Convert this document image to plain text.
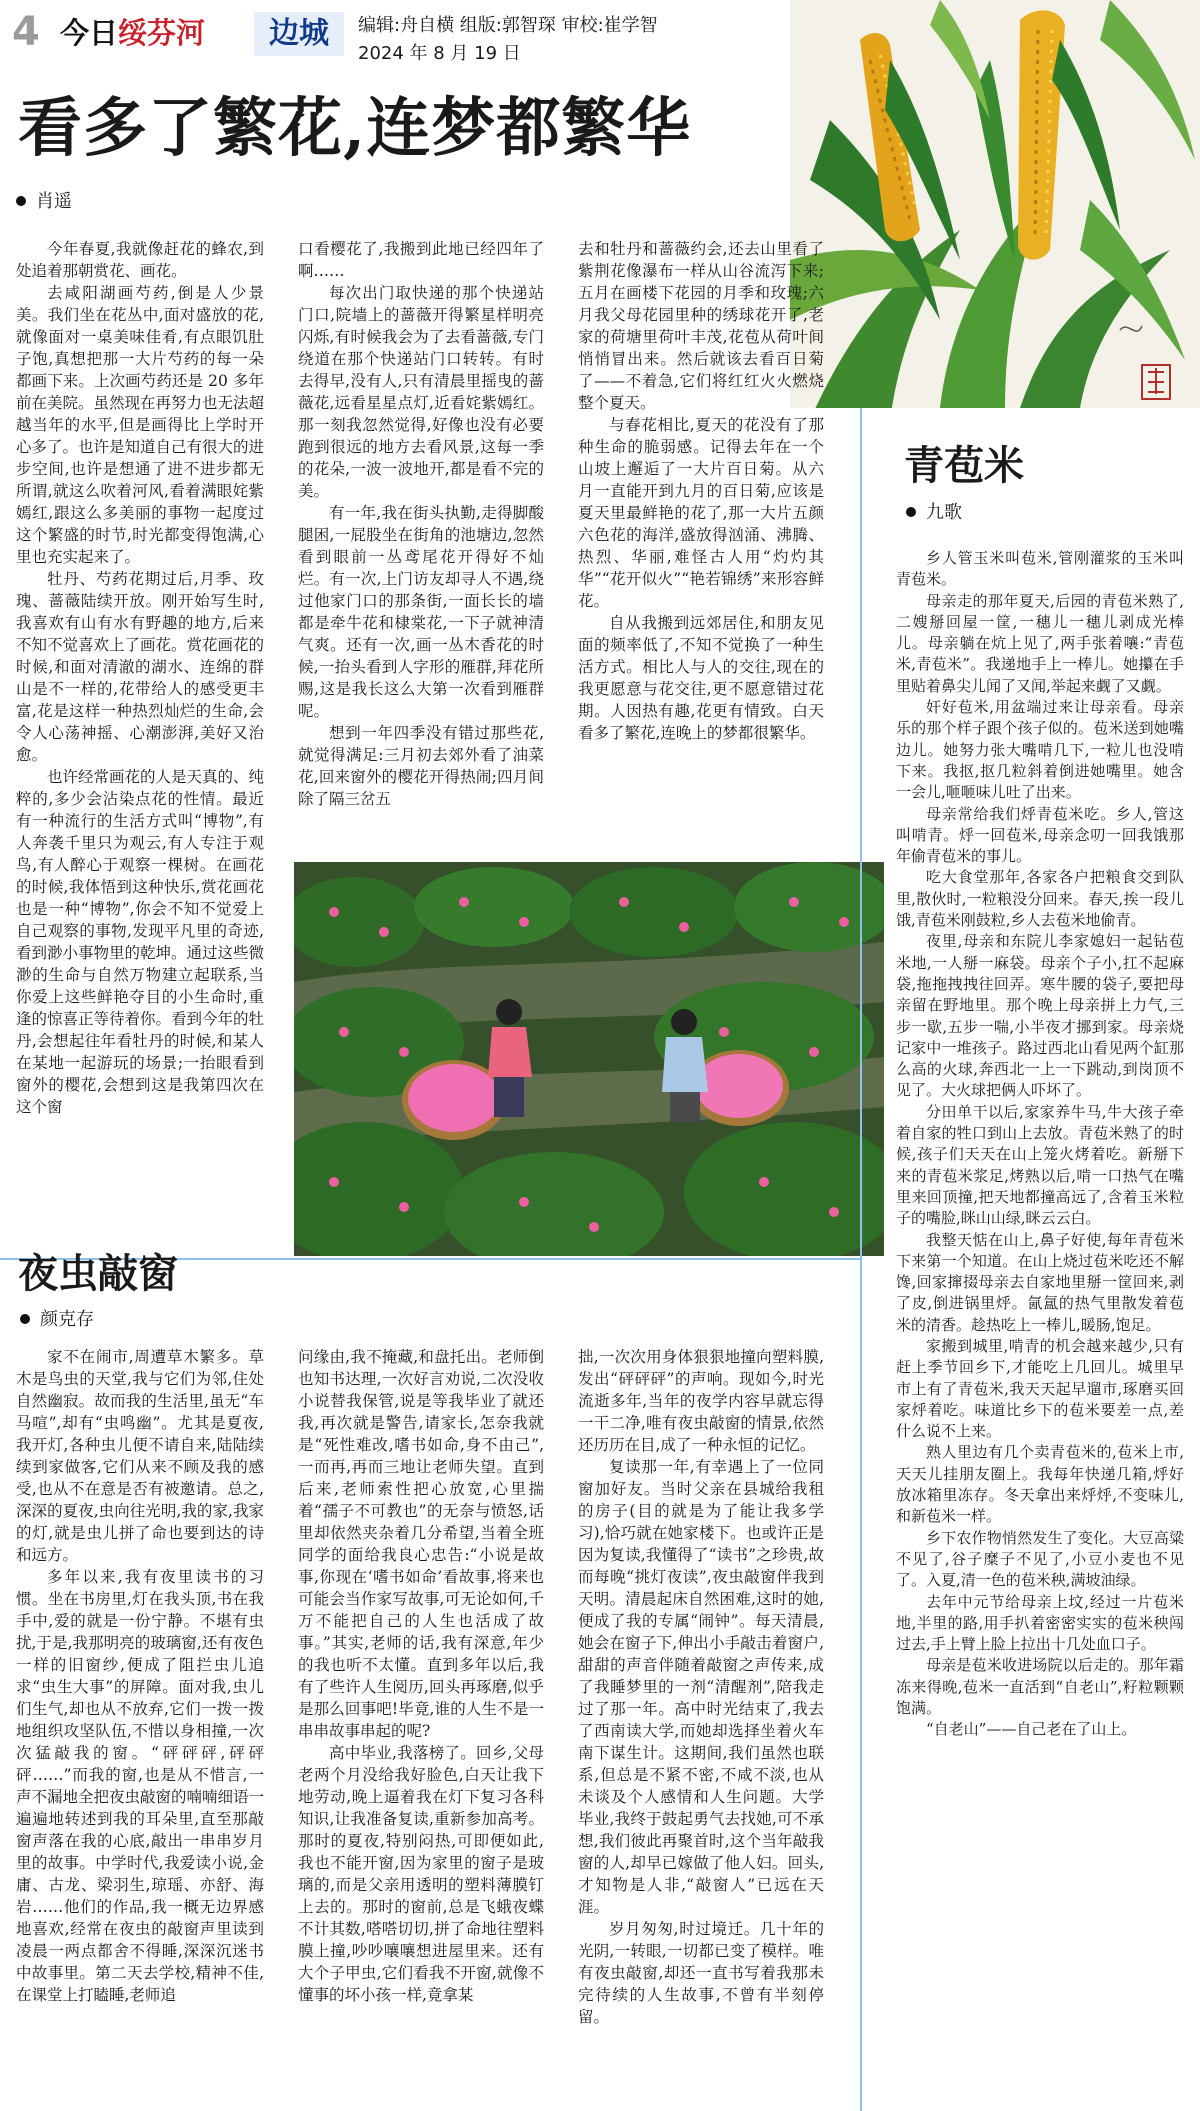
4 今日绥芬河	边城	编辑:舟自横 组版:郭智琛 审校:崔学智
2024 年 8 月 19 日
看多了繁花,连梦都繁华
肖遥

今年春夏,我就像赶花的蜂农,到处追着那朝赏花、画花。

去咸阳湖画芍药,倒是人少景美。我们坐在花丛中,面对盛放的花,就像面对一桌美味佳肴,有点眼饥肚子饱,真想把那一大片芍药的每一朵都画下来。上次画芍药还是 20 多年前在美院。虽然现在再努力也无法超越当年的水平,但是画得比上学时开心多了。也许是知道自己有很大的进步空间,也许是想通了进不进步都无所谓,就这么吹着河风,看着满眼姹紫嫣红,跟这么多美丽的事物一起度过这个繁盛的时节,时光都变得饱满,心里也充实起来了。

牡丹、芍药花期过后,月季、玫瑰、蔷薇陆续开放。刚开始写生时,我喜欢有山有水有野趣的地方,后来不知不觉喜欢上了画花。赏花画花的时候,和面对清澈的湖水、连绵的群山是不一样的,花带给人的感受更丰富,花是这样一种热烈灿烂的生命,会令人心荡神摇、心潮澎湃,美好又治愈。

也许经常画花的人是天真的、纯粹的,多少会沾染点花的性情。最近有一种流行的生活方式叫“博物”,有人奔袭千里只为观云,有人专注于观鸟,有人醉心于观察一棵树。在画花的时候,我体悟到这种快乐,赏花画花也是一种“博物”,你会不知不觉爱上自己观察的事物,发现平凡里的奇迹,看到渺小事物里的乾坤。通过这些微渺的生命与自然万物建立起联系,当你爱上这些鲜艳夺目的小生命时,重逢的惊喜正等待着你。看到今年的牡丹,会想起往年看牡丹的时候,和某人在某地一起游玩的场景;一抬眼看到窗外的樱花,会想到这是我第四次在这个窗

口看樱花了,我搬到此地已经四年了啊……

每次出门取快递的那个快递站门口,院墙上的蔷薇开得繁星样明亮闪烁,有时候我会为了去看蔷薇,专门绕道在那个快递站门口转转。有时去得早,没有人,只有清晨里摇曳的蔷薇花,远看星星点灯,近看姹紫嫣红。那一刻我忽然觉得,好像也没有必要跑到很远的地方去看风景,这每一季的花朵,一波一波地开,都是看不完的美。

有一年,我在街头执勤,走得脚酸腿困,一屁股坐在街角的池塘边,忽然看到眼前一丛鸢尾花开得好不灿烂。有一次,上门访友却寻人不遇,绕过他家门口的那条街,一面长长的墙都是牵牛花和棣棠花,一下子就神清气爽。还有一次,画一丛木香花的时候,一抬头看到人字形的雁群,拜花所赐,这是我长这么大第一次看到雁群呢。

想到一年四季没有错过那些花,就觉得满足:三月初去郊外看了油菜花,回来窗外的樱花开得热闹;四月间除了隔三岔五

去和牡丹和蔷薇约会,还去山里看了紫荆花像瀑布一样从山谷流泻下来;五月在画楼下花园的月季和玫瑰;六月我父母花园里种的绣球花开了,老家的荷塘里荷叶丰茂,花苞从荷叶间悄悄冒出来。然后就该去看百日菊了——不着急,它们将红红火火燃烧整个夏天。

与春花相比,夏天的花没有了那种生命的脆弱感。记得去年在一个山坡上邂逅了一大片百日菊。从六月一直能开到九月的百日菊,应该是夏天里最鲜艳的花了,那一大片五颜六色花的海洋,盛放得汹涌、沸腾、热烈、华丽,难怪古人用“灼灼其华”“花开似火”“艳若锦绣”来形容鲜花。

自从我搬到远郊居住,和朋友见面的频率低了,不知不觉换了一种生活方式。相比人与人的交往,现在的我更愿意与花交往,更不愿意错过花期。人因热有趣,花更有情致。白天看多了繁花,连晚上的梦都很繁华。

青苞米
九歌

乡人管玉米叫苞米,管刚灌浆的玉米叫青苞米。

母亲走的那年夏天,后园的青苞米熟了,二嫂掰回屋一筐,一穗儿一穗儿剥成光棒儿。母亲躺在炕上见了,两手张着嚷:“青苞米,青苞米”。我递地手上一棒儿。她攥在手里贴着鼻尖儿闻了又闻,举起来觑了又觑。

奸好苞米,用盆端过来让母亲看。母亲乐的那个样子跟个孩子似的。苞米送到她嘴边儿。她努力张大嘴啃几下,一粒儿也没啃下来。我抠,抠几粒斜着倒进她嘴里。她含一会儿,咂咂味儿吐了出来。

母亲常给我们烀青苞米吃。乡人,管这叫啃青。烀一回苞米,母亲念叨一回我饿那年偷青苞米的事儿。

吃大食堂那年,各家各户把粮食交到队里,散伙时,一粒粮没分回来。春天,挨一段儿饿,青苞米刚鼓粒,乡人去苞米地偷青。

夜里,母亲和东院儿李家媳妇一起钻苞米地,一人掰一麻袋。母亲个子小,扛不起麻袋,拖拖拽拽往回弄。寒牛腰的袋子,要把母亲留在野地里。那个晚上母亲拼上力气,三步一歇,五步一喘,小半夜才挪到家。母亲烧记家中一堆孩子。路过西北山看见两个缸那么高的火球,奔西北一上一下跳动,到岗顶不见了。大火球把俩人吓坏了。

分田单干以后,家家养牛马,牛大孩子牵着自家的牲口到山上去放。青苞米熟了的时候,孩子们天天在山上笼火烤着吃。新掰下来的青苞米浆足,烤熟以后,啃一口热气在嘴里来回顶撞,把天地都撞高远了,含着玉米粒子的嘴脸,眯山山绿,眯云云白。

我整天惦在山上,鼻子好使,每年青苞米下来第一个知道。在山上烧过苞米吃还不解馋,回家撺掇母亲去自家地里掰一筐回来,剥了皮,倒进锅里烀。氤氲的热气里散发着苞米的清香。趁热吃上一棒儿,暖肠,饱足。

家搬到城里,啃青的机会越来越少,只有赶上季节回乡下,才能吃上几回儿。城里早市上有了青苞米,我天天起早遛市,琢磨买回家烀着吃。味道比乡下的苞米要差一点,差什么说不上来。

熟人里边有几个卖青苞米的,苞米上市,天天儿挂朋友圈上。我每年快递几箱,烀好放冰箱里冻存。冬天拿出来烀烀,不变味儿,和新苞米一样。

乡下农作物悄然发生了变化。大豆高粱不见了,谷子糜子不见了,小豆小麦也不见了。入夏,清一色的苞米秧,满坡油绿。

去年中元节给母亲上坟,经过一片苞米地,半里的路,用手扒着密密实实的苞米秧闯过去,手上臂上脸上拉出十几处血口子。

母亲是苞米收进场院以后走的。那年霜冻来得晚,苞米一直活到“自老山”,籽粒颗颗饱满。

“自老山”——自己老在了山上。

夜虫敲窗
颜克存

家不在闹市,周遭草木繁多。草木是鸟虫的天堂,我与它们为邻,住处自然幽寂。故而我的生活里,虽无“车马喧”,却有“虫鸣幽”。尤其是夏夜,我开灯,各种虫儿便不请自来,陆陆续续到家做客,它们从来不顾及我的感受,也从不在意是否有被邀请。总之,深深的夏夜,虫向往光明,我的家,我家的灯,就是虫儿拼了命也要到达的诗和远方。

多年以来,我有夜里读书的习惯。坐在书房里,灯在我头顶,书在我手中,爱的就是一份宁静。不堪有虫扰,于是,我那明亮的玻璃窗,还有夜色一样的旧窗纱,便成了阻拦虫儿追求“虫生大事”的屏障。面对我,虫儿们生气,却也从不放弃,它们一拨一拨地组织攻坚队伍,不惜以身相撞,一次次猛敲我的窗。“砰砰砰,砰砰砰……”而我的窗,也是从不惜言,一声不漏地全把夜虫敲窗的喃喃细语一遍遍地转述到我的耳朵里,直至那敲窗声落在我的心底,敲出一串串岁月里的故事。中学时代,我爱读小说,金庸、古龙、梁羽生,琼瑶、亦舒、海岩……他们的作品,我一概无边界感地喜欢,经常在夜虫的敲窗声里读到凌晨一两点都舍不得睡,深深沉迷书中故事里。第二天去学校,精神不佳,在课堂上打瞌睡,老师追

问缘由,我不掩藏,和盘托出。老师倒也知书达理,一次好言劝说,二次没收小说替我保管,说是等我毕业了就还我,再次就是警告,请家长,怎奈我就是“死性难改,嗜书如命,身不由己”,一而再,再而三地让老师失望。直到后来,老师索性把心放宽,心里揣着“孺子不可教也”的无奈与愤怒,话里却依然夹杂着几分希望,当着全班同学的面给我良心忠告:“小说是故事,你现在‘嗜书如命’看故事,将来也可能会当作家写故事,可无论如何,千万不能把自己的人生也活成了故事。”其实,老师的话,我有深意,年少的我也听不太懂。直到多年以后,我有了些许人生阅历,回头再琢磨,似乎是那么回事吧!毕竟,谁的人生不是一串串故事串起的呢?

高中毕业,我落榜了。回乡,父母老两个月没给我好脸色,白天让我下地劳动,晚上逼着我在灯下复习各科知识,让我准备复读,重新参加高考。那时的夏夜,特别闷热,可即便如此,我也不能开窗,因为家里的窗子是玻璃的,而是父亲用透明的塑料薄膜钉上去的。那时的窗前,总是飞蛾夜蝶不计其数,嗒嗒切切,拼了命地往塑料膜上撞,吵吵嚷嚷想进屋里来。还有大个子甲虫,它们看我不开窗,就像不懂事的坏小孩一样,竟拿某

拙,一次次用身体狠狠地撞向塑料膜,发出“砰砰砰”的声响。现如今,时光流逝多年,当年的夜学内容早就忘得一干二净,唯有夜虫敲窗的情景,依然还历历在目,成了一种永恒的记忆。

复读那一年,有幸遇上了一位同窗加好友。当时父亲在县城给我租的房子(目的就是为了能让我多学习),恰巧就在她家楼下。也或许正是因为复读,我懂得了“读书”之珍贵,故而每晚“挑灯夜读”,夜虫敲窗伴我到天明。清晨起床自然困难,这时的她,便成了我的专属“闹钟”。每天清晨,她会在窗子下,伸出小手敲击着窗户,甜甜的声音伴随着敲窗之声传来,成了我睡梦里的一剂“清醒剂”,陪我走过了那一年。高中时光结束了,我去了西南读大学,而她却选择坐着火车南下谋生计。这期间,我们虽然也联系,但总是不紧不密,不咸不淡,也从未谈及个人感情和人生问题。大学毕业,我终于鼓起勇气去找她,可不承想,我们彼此再聚首时,这个当年敲我窗的人,却早已嫁做了他人妇。回头,才知物是人非,“敲窗人”已远在天涯。

岁月匆匆,时过境迁。几十年的光阴,一转眼,一切都已变了模样。唯有夜虫敲窗,却还一直书写着我那未完待续的人生故事,不曾有半刻停留。
